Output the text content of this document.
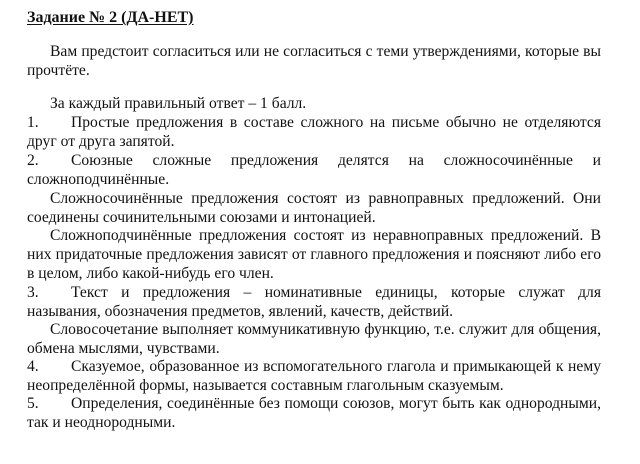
Задание № 2 (ДА-НЕТ)
Вам предстоит согласиться или не согласиться с теми утверждениями, которые вы прочтёте.
За каждый правильный ответ – 1 балл.
1. Простые предложения в составе сложного на письме обычно не отделяются друг от друга запятой.
2. Союзные сложные предложения делятся на сложносочинённые и сложноподчинённые.
Сложносочинённые предложения состоят из равноправных предложений. Они соединены сочинительными союзами и интонацией.
Сложноподчинённые предложения состоят из неравноправных предложений. В них придаточные предложения зависят от главного предложения и поясняют либо его в целом, либо какой-нибудь его член.
3. Текст и предложения – номинативные единицы, которые служат для называния, обозначения предметов, явлений, качеств, действий.
Словосочетание выполняет коммуникативную функцию, т.е. служит для общения, обмена мыслями, чувствами.
4. Сказуемое, образованное из вспомогательного глагола и примыкающей к нему неопределённой формы, называется составным глагольным сказуемым.
5. Определения, соединённые без помощи союзов, могут быть как однородными, так и неоднородными.
